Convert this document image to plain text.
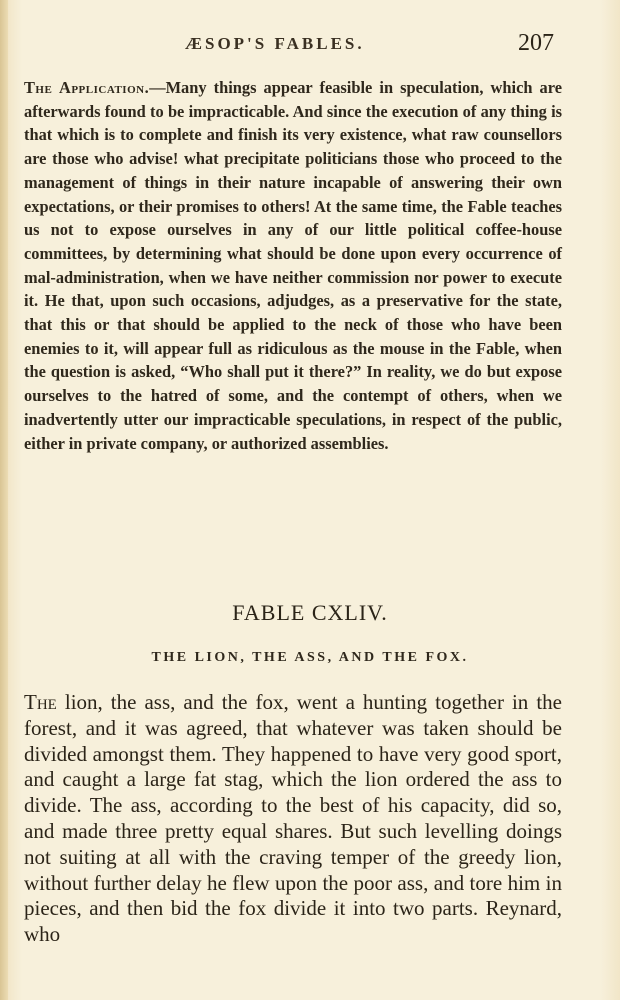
ÆSOP'S FABLES.	207

The Application.—Many things appear feasible in speculation, which are afterwards found to be impracticable. And since the execution of any thing is that which is to complete and finish its very existence, what raw counsellors are those who advise! what precipitate politicians those who proceed to the management of things in their nature incapable of answering their own expectations, or their promises to others! At the same time, the Fable teaches us not to expose ourselves in any of our little political coffee-house committees, by determining what should be done upon every occurrence of mal-administration, when we have neither commission nor power to execute it. He that, upon such occasions, adjudges, as a preservative for the state, that this or that should be applied to the neck of those who have been enemies to it, will appear full as ridiculous as the mouse in the Fable, when the question is asked, “Who shall put it there?” In reality, we do but expose ourselves to the hatred of some, and the contempt of others, when we inadvertently utter our impracticable speculations, in respect of the public, either in private company, or authorized assemblies.

FABLE CXLIV.
THE LION, THE ASS, AND THE FOX.

The lion, the ass, and the fox, went a hunting together in the forest, and it was agreed, that whatever was taken should be divided amongst them. They happened to have very good sport, and caught a large fat stag, which the lion ordered the ass to divide. The ass, according to the best of his capacity, did so, and made three pretty equal shares. But such levelling doings not suiting at all with the craving temper of the greedy lion, without further delay he flew upon the poor ass, and tore him in pieces, and then bid the fox divide it into two parts. Reynard, who
